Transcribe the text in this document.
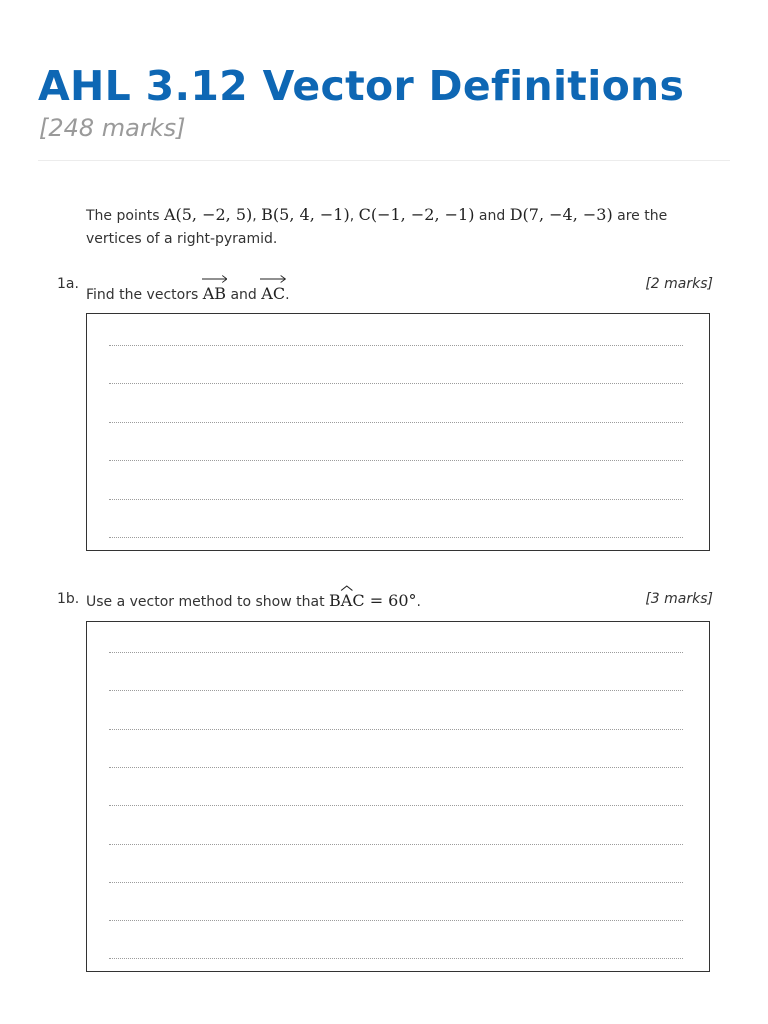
AHL 3.12 Vector Definitions
[248 marks]
The points A(5, −2, 5), B(5, 4, −1), C(−1, −2, −1) and D(7, −4, −3) are the vertices of a right-pyramid.
1a.
Find the vectors
AB and
AC.
[2 marks]
1b. Use a vector method to show that B
AC = 60°.	[3 marks]
